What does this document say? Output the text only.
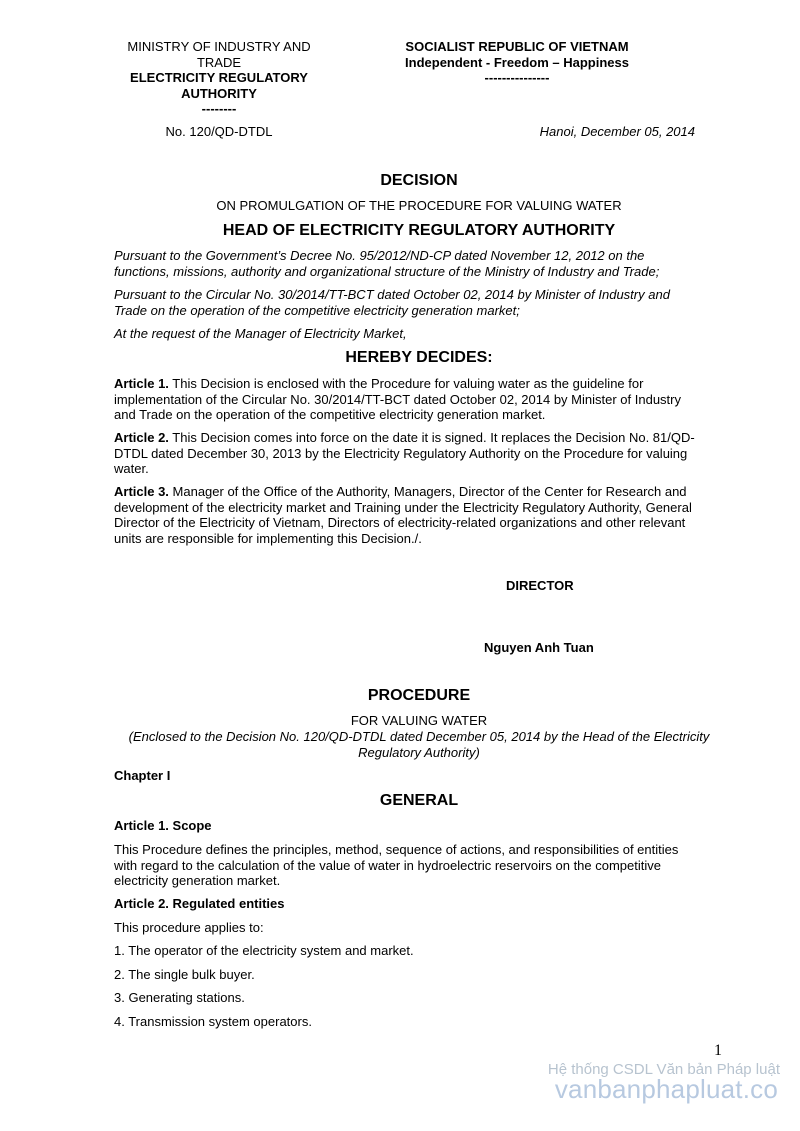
MINISTRY OF INDUSTRY AND
TRADE
ELECTRICITY REGULATORY
AUTHORITY
--------
No. 120/QD-DTDL
SOCIALIST REPUBLIC OF VIETNAM
Independent - Freedom – Happiness
---------------
Hanoi, December 05, 2014
DECISION
ON PROMULGATION OF THE PROCEDURE FOR VALUING WATER
HEAD OF ELECTRICITY REGULATORY AUTHORITY
Pursuant to the Government’s Decree No. 95/2012/ND-CP dated November 12, 2012 on the
functions, missions, authority and organizational structure of the Ministry of Industry and Trade;
Pursuant to the Circular No. 30/2014/TT-BCT dated October 02, 2014 by Minister of Industry and
Trade on the operation of the competitive electricity generation market;
At the request of the Manager of Electricity Market,
HEREBY DECIDES:
Article 1. This Decision is enclosed with the Procedure for valuing water as the guideline for
implementation of the Circular No. 30/2014/TT-BCT dated October 02, 2014 by Minister of Industry
and Trade on the operation of the competitive electricity generation market.
Article 2. This Decision comes into force on the date it is signed. It replaces the Decision No. 81/QD-
DTDL dated December 30, 2013 by the Electricity Regulatory Authority on the Procedure for valuing
water.
Article 3. Manager of the Office of the Authority, Managers, Director of the Center for Research and
development of the electricity market and Training under the Electricity Regulatory Authority, General
Director of the Electricity of Vietnam, Directors of electricity-related organizations and other relevant
units are responsible for implementing this Decision./.
DIRECTOR
Nguyen Anh Tuan
PROCEDURE
FOR VALUING WATER
(Enclosed to the Decision No. 120/QD-DTDL dated December 05, 2014 by the Head of the Electricity
Regulatory Authority)
Chapter I
GENERAL
Article 1. Scope
This Procedure defines the principles, method, sequence of actions, and responsibilities of entities
with regard to the calculation of the value of water in hydroelectric reservoirs on the competitive
electricity generation market.
Article 2. Regulated entities
This procedure applies to:
1. The operator of the electricity system and market.
2. The single bulk buyer.
3. Generating stations.
4. Transmission system operators.
1
Hệ thống CSDL Văn bản Pháp luật
vanbanphapluat.co
